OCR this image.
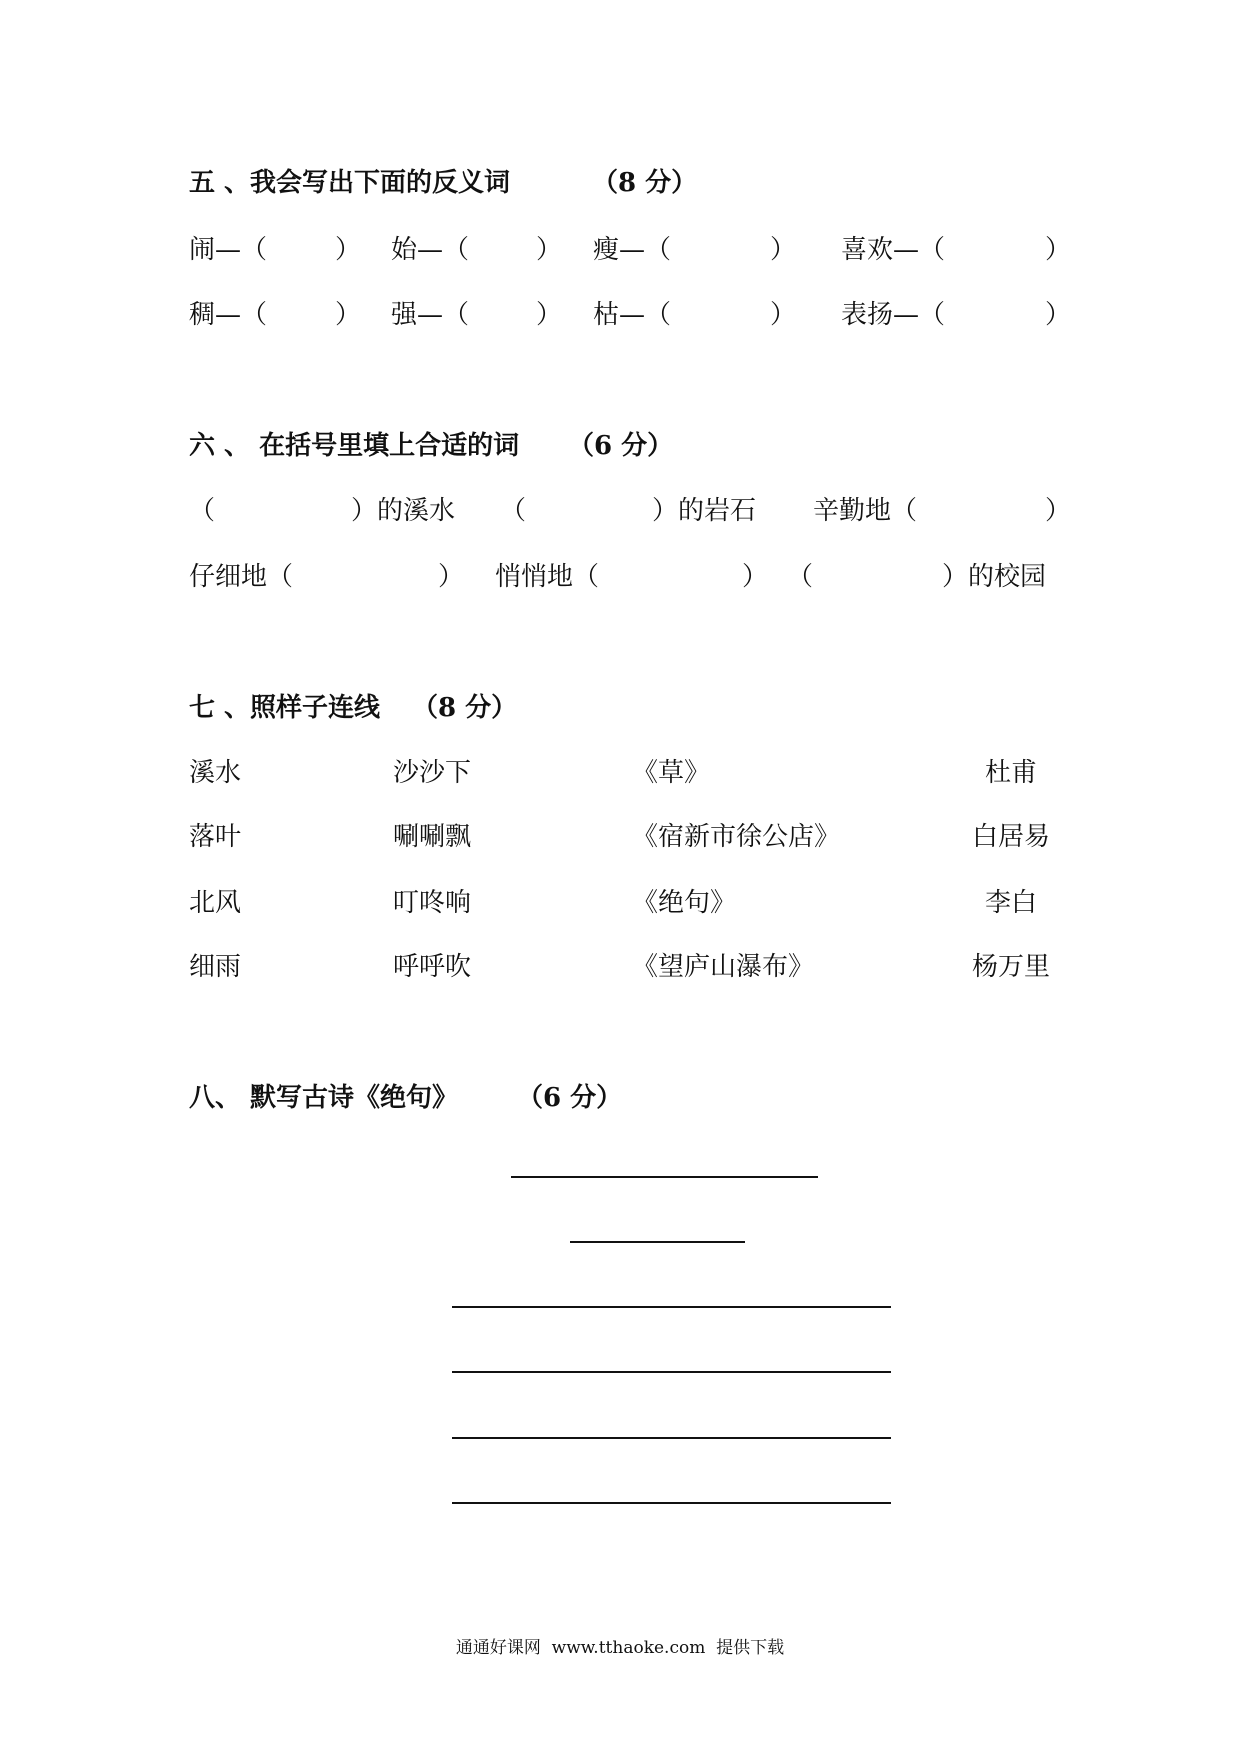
五 、我会写出下面的反义词	（8 分）
闹—（	） 始—（	） 瘦—（	） 喜欢—（	）
稠—（	） 强—（	） 枯—（	） 表扬—（	）
六 、 在括号里填上合适的词 （6 分）
（	）的溪水 （	）的岩石 辛勤地（	）
仔细地（	） 悄悄地（	） （	）的校园
七 、照样子连线 （8 分）
溪水	沙沙下	《草》	杜甫
落叶	唰唰飘	《宿新市徐公店》	白居易
北风	叮咚响	《绝句》	李白
细雨	呼呼吹	《望庐山瀑布》	杨万里
八、 默写古诗《绝句》 （6 分）
通通好课网  www.tthaoke.com  提供下载
